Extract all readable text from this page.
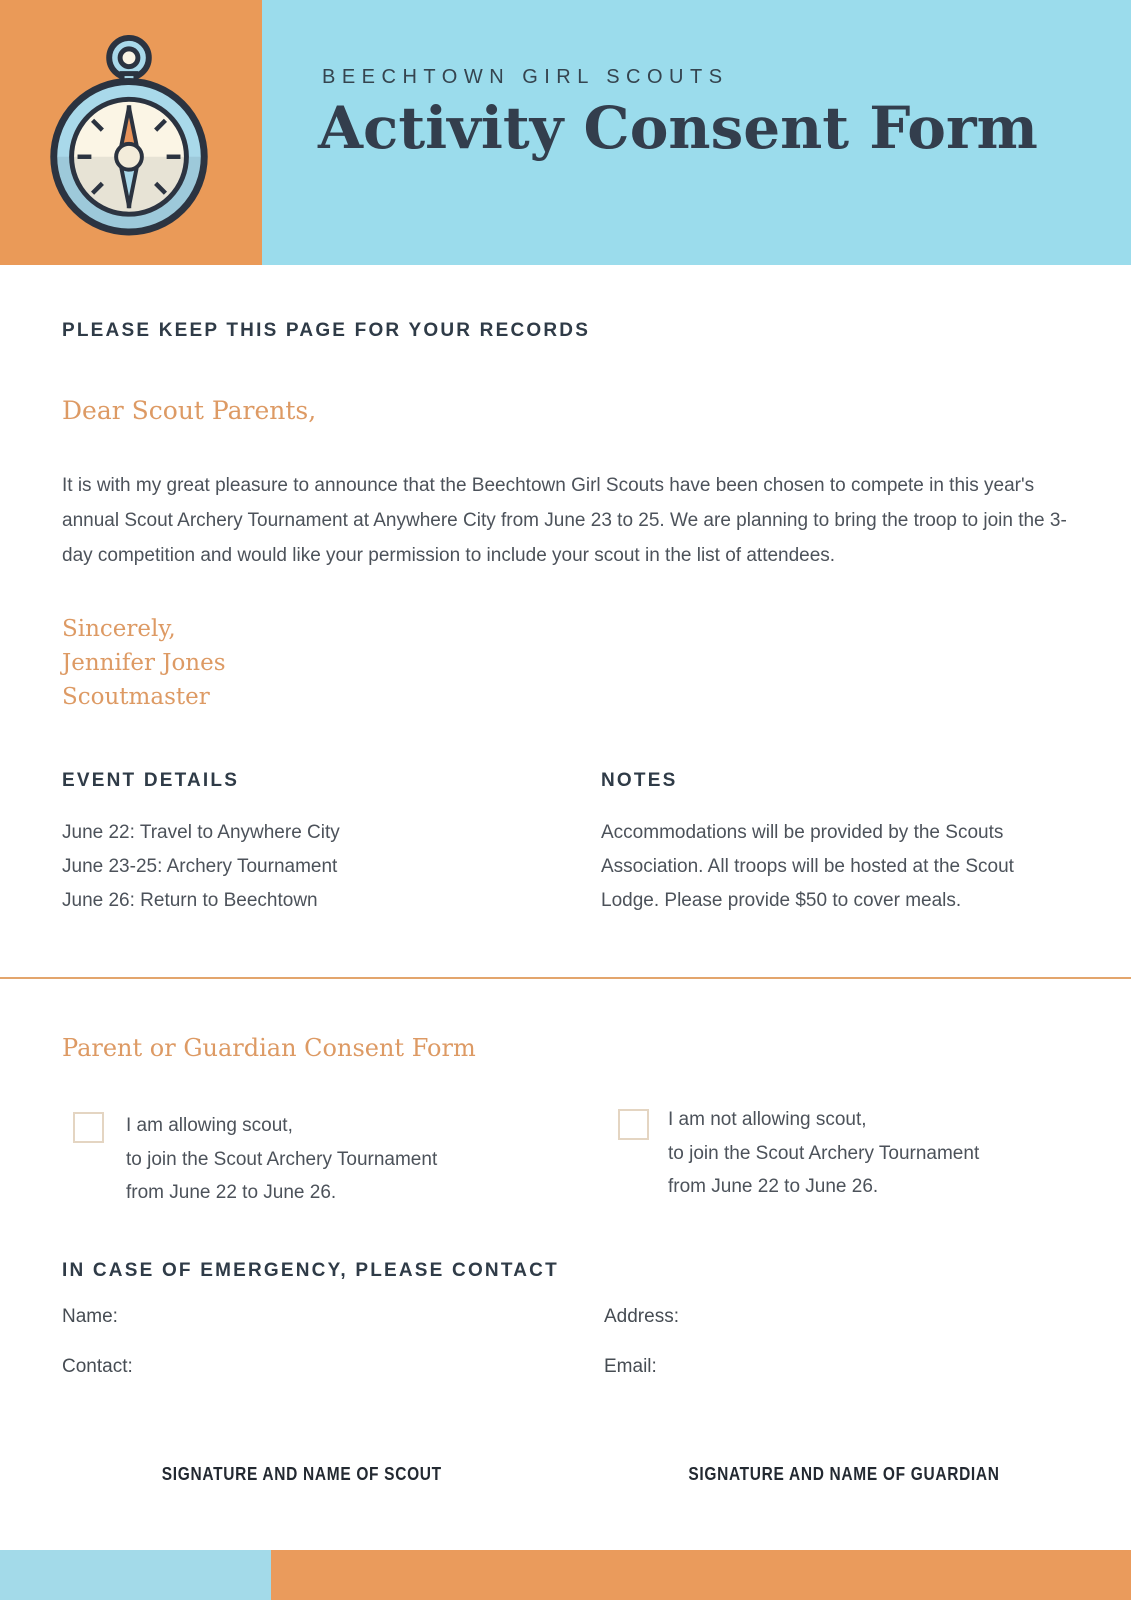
BEECHTOWN GIRL SCOUTS
Activity Consent Form
PLEASE KEEP THIS PAGE FOR YOUR RECORDS
Dear Scout Parents,
It is with my great pleasure to announce that the Beechtown Girl Scouts have been chosen to compete in this year's annual Scout Archery Tournament at Anywhere City from June 23 to 25. We are planning to bring the troop to join the 3-day competition and would like your permission to include your scout in the list of attendees.
Sincerely,
Jennifer Jones
Scoutmaster
EVENT DETAILS
June 22: Travel to Anywhere City
June 23-25: Archery Tournament
June 26: Return to Beechtown
NOTES

Accommodations will be provided by the Scouts Association. All troops will be hosted at the Scout Lodge. Please provide $50 to cover meals.

Parent or Guardian Consent Form
I am allowing scout,
to join the Scout Archery Tournament
from June 22 to June 26.
I am not allowing scout,
to join the Scout Archery Tournament
from June 22 to June 26.
IN CASE OF EMERGENCY, PLEASE CONTACT
Name:	Address:
Contact:	Email:
SIGNATURE AND NAME OF SCOUT	SIGNATURE AND NAME OF GUARDIAN
